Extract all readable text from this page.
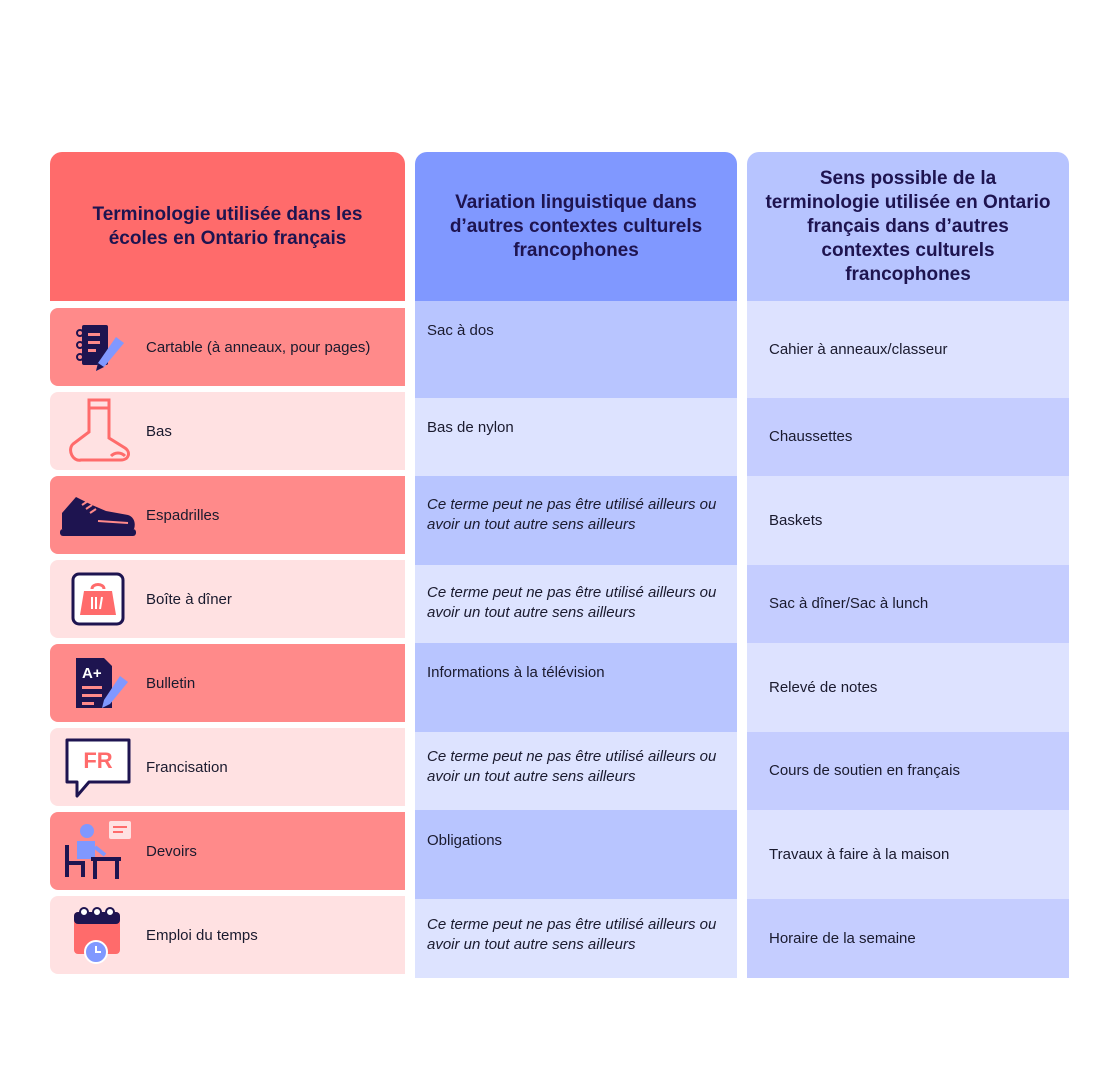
Terminologie utilisée dans les écoles en Ontario français
Cartable (à anneaux, pour pages)
Bas
Espadrilles
Boîte à dîner
A+
Bulletin
FR Francisation
Devoirs
Emploi du temps
Variation linguistique dans d’autres contextes culturels francophones
Sac à dos
Bas de nylon
Ce terme peut ne pas être utilisé ailleurs ou avoir un tout autre sens ailleurs
Ce terme peut ne pas être utilisé ailleurs ou avoir un tout autre sens ailleurs
Informations à la télévision
Ce terme peut ne pas être utilisé ailleurs ou avoir un tout autre sens ailleurs
Obligations
Ce terme peut ne pas être utilisé ailleurs ou avoir un tout autre sens ailleurs
Sens possible de la terminologie utilisée en Ontario français dans d’autres contextes culturels francophones
Cahier à anneaux/classeur
Chaussettes
Baskets
Sac à dîner/Sac à lunch
Relevé de notes
Cours de soutien en français
Travaux à faire à la maison
Horaire de la semaine
